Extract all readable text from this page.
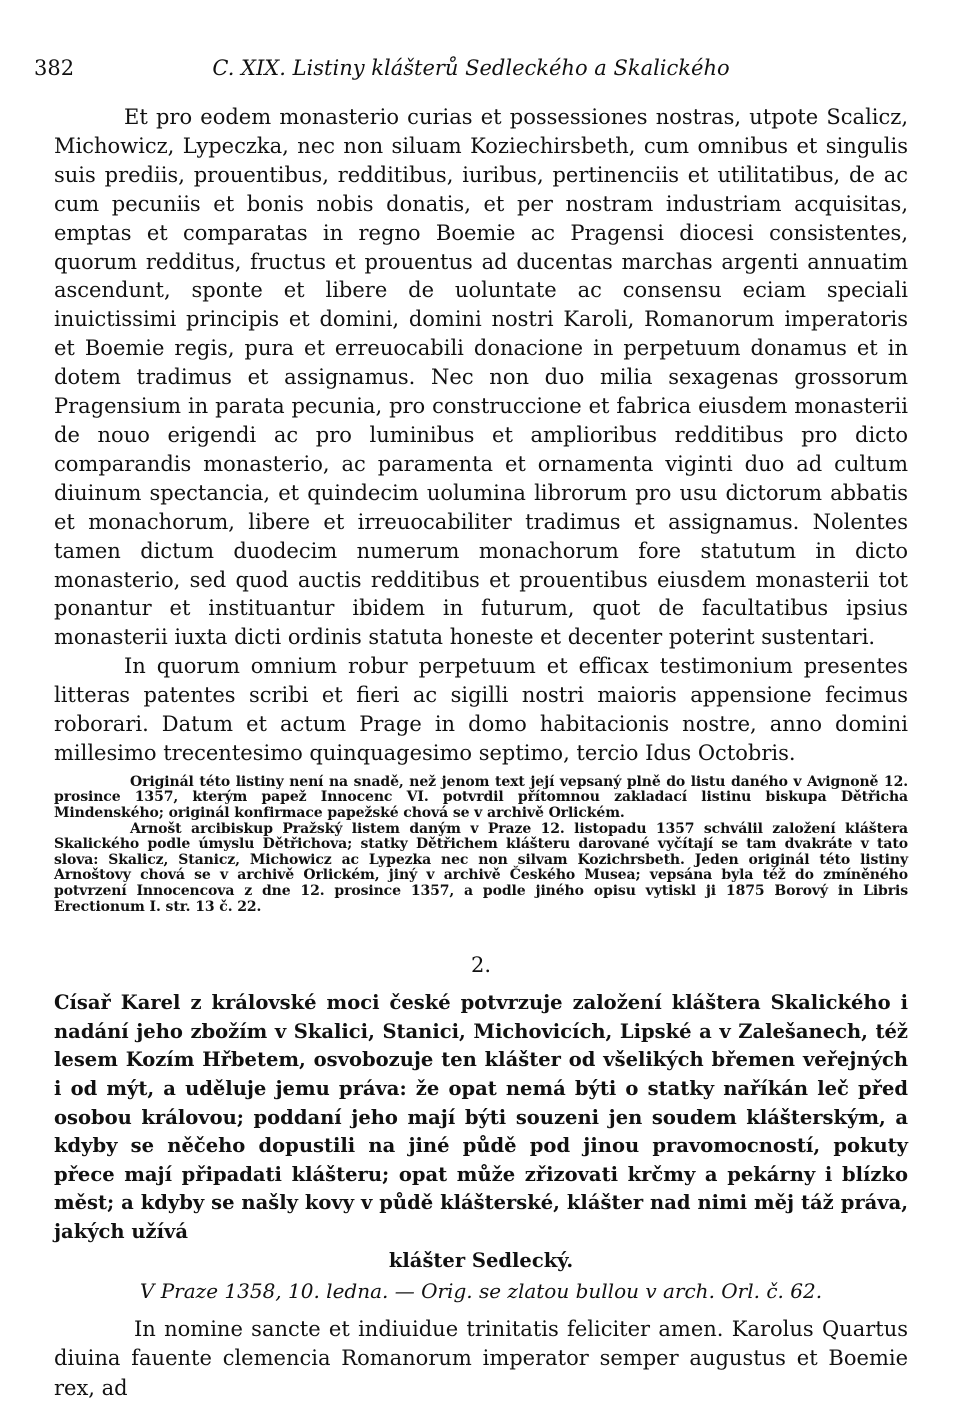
382	C. XIX. Listiny klášterů Sedleckého a Skalického

Et pro eodem monasterio curias et possessiones nostras, utpote Scalicz, Michowicz, Lypeczka, nec non siluam Koziechirsbeth, cum omnibus et singulis suis prediis, prouentibus, redditibus, iuribus, pertinenciis et utilitatibus, de ac cum pecuniis et bonis nobis donatis, et per nostram industriam acquisitas, emptas et comparatas in regno Boemie ac Pragensi diocesi consistentes, quorum redditus, fructus et prouentus ad ducentas marchas argenti annuatim ascendunt, sponte et libere de uoluntate ac consensu eciam speciali inuictissimi principis et domini, domini nostri Karoli, Romanorum imperatoris et Boemie regis, pura et erreuocabili donacione in perpetuum donamus et in dotem tradimus et assignamus. Nec non duo milia sexagenas grossorum Pragensium in parata pecunia, pro construccione et fabrica eiusdem monasterii de nouo erigendi ac pro luminibus et amplioribus redditibus pro dicto comparandis monasterio, ac paramenta et ornamenta viginti duo ad cultum diuinum spectancia, et quindecim uolumina librorum pro usu dictorum abbatis et monachorum, libere et irreuocabiliter tradimus et assignamus. Nolentes tamen dictum duodecim numerum monachorum fore statutum in dicto monasterio, sed quod auctis redditibus et prouentibus eiusdem monasterii tot ponantur et instituantur ibidem in futurum, quot de facultatibus ipsius monasterii iuxta dicti ordinis statuta honeste et decenter poterint sustentari.

In quorum omnium robur perpetuum et efficax testimonium presentes litteras patentes scribi et fieri ac sigilli nostri maioris appensione fecimus roborari. Datum et actum Prage in domo habitacionis nostre, anno domini millesimo trecentesimo quinquagesimo septimo, tercio Idus Octobris.

Originál této listiny není na snadě, než jenom text její vepsaný plně do listu daného v Avignoně 12. prosince 1357, kterým papež Innocenc VI. potvrdil přítomnou zakladací listinu biskupa Dětřicha Mindenského; originál konfirmace papežské chová se v archivě Orlickém.

Arnošt arcibiskup Pražský listem daným v Praze 12. listopadu 1357 schválil založení kláštera Skalického podle úmyslu Dětřichova; statky Dětřichem klášteru darované vyčítají se tam dvakráte v tato slova: Skalicz, Stanicz, Michowicz ac Lypezka nec non silvam Kozichrsbeth. Jeden originál této listiny Arnoštovy chová se v archivě Orlickém, jiný v archivě Českého Musea; vepsána byla též do zmíněného potvrzení Innocencova z dne 12. prosince 1357, a podle jiného opisu vytiskl ji 1875 Borový in Libris Erectionum I. str. 13 č. 22.

2.

Císař Karel z královské moci české potvrzuje založení kláštera Skalického i nadání jeho zbožím v Skalici, Stanici, Michovicích, Lipské a v Zalešanech, též lesem Kozím Hřbetem, osvobozuje ten klášter od všelikých břemen veřejných i od mýt, a uděluje jemu práva: že opat nemá býti o statky naříkán leč před osobou královou; poddaní jeho mají býti souzeni jen soudem klášterským, a kdyby se něčeho dopustili na jiné půdě pod jinou pravomocností, pokuty přece mají připadati klášteru; opat může zřizovati krčmy a pekárny i blízko měst; a kdyby se našly kovy v půdě klášterské, klášter nad nimi měj táž práva, jakých užívá

klášter Sedlecký.
V Praze 1358, 10. ledna. — Orig. se zlatou bullou v arch. Orl. č. 62.

In nomine sancte et indiuidue trinitatis feliciter amen. Karolus Quartus diuina fauente clemencia Romanorum imperator semper augustus et Boemie rex, ad
